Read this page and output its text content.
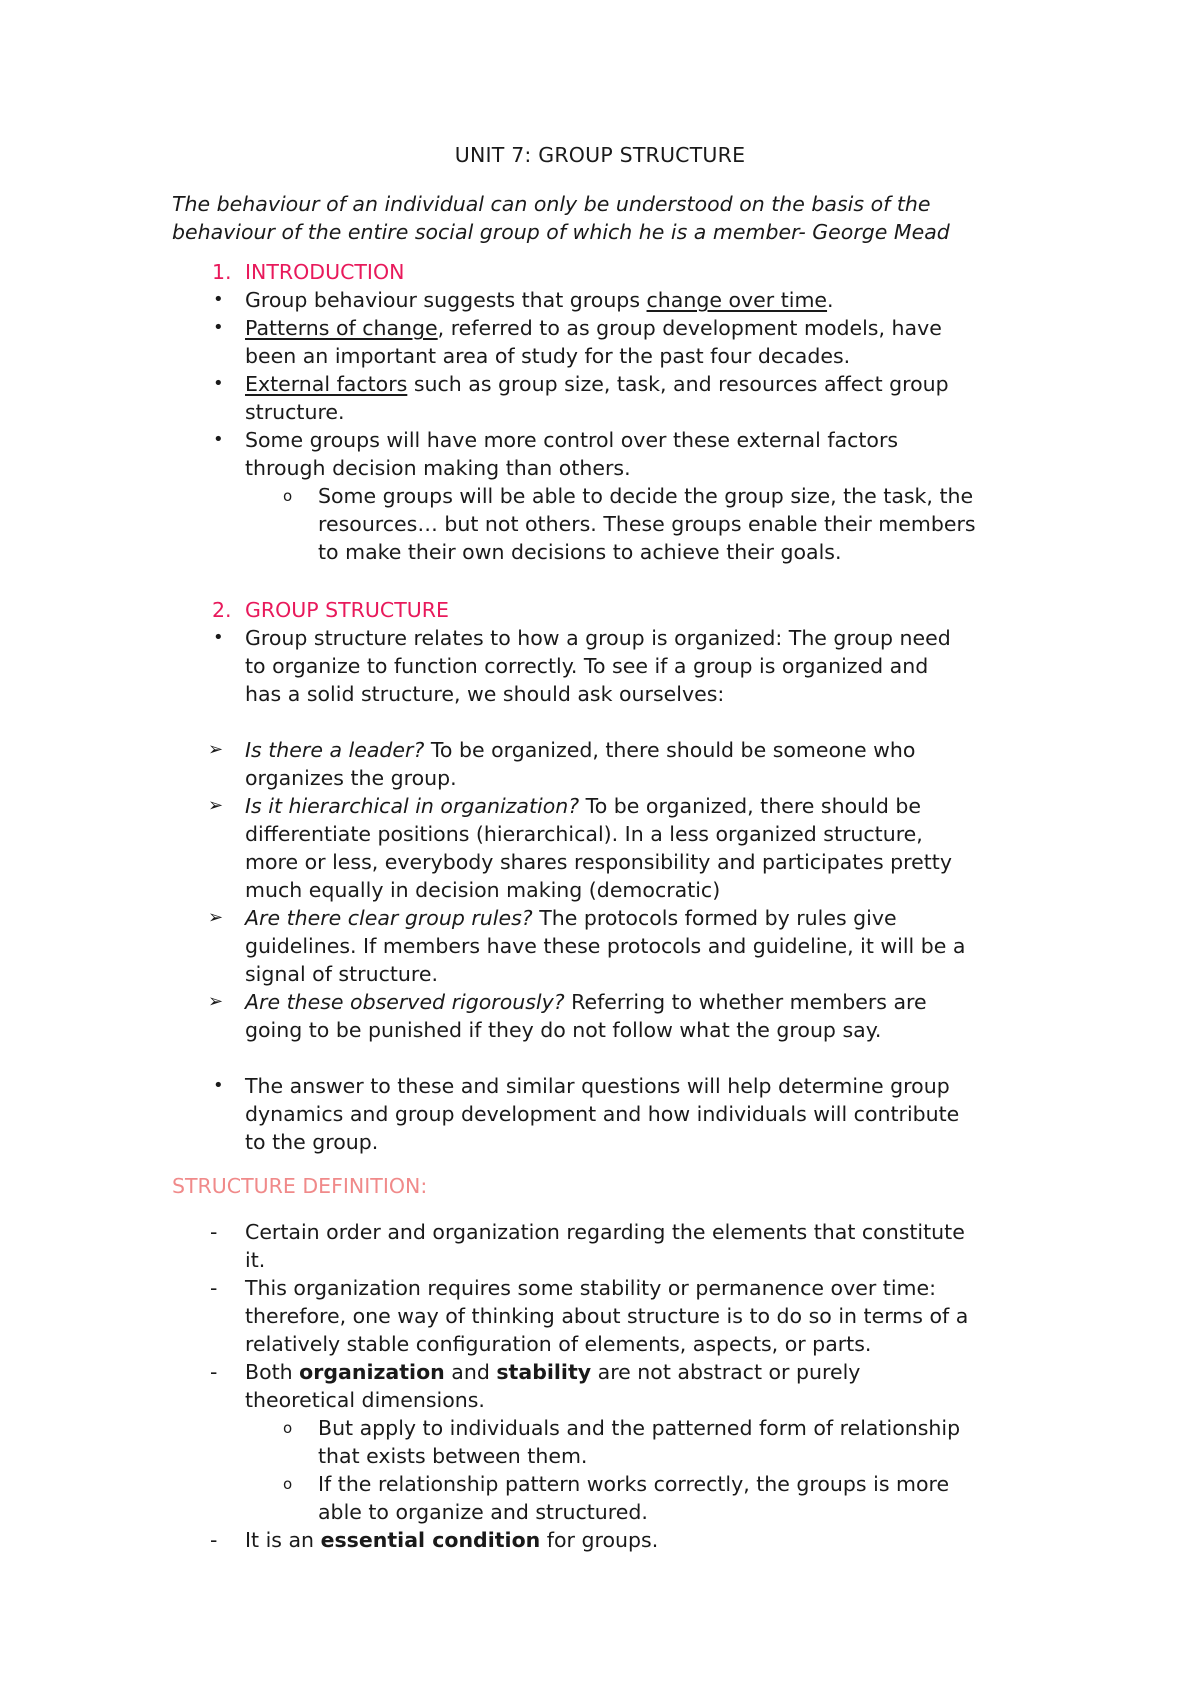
UNIT 7: GROUP STRUCTURE
The behaviour of an individual can only be understood on the basis of the
behaviour of the entire social group of which he is a member- George Mead
1. INTRODUCTION
• Group behaviour suggests that groups change over time.
• Patterns of change, referred to as group development models, have
been an important area of study for the past four decades.
• External factors such as group size, task, and resources affect group
structure.
• Some groups will have more control over these external factors
through decision making than others.
o Some groups will be able to decide the group size, the task, the
resources… but not others. These groups enable their members
to make their own decisions to achieve their goals.
2. GROUP STRUCTURE
• Group structure relates to how a group is organized: The group need
to organize to function correctly. To see if a group is organized and
has a solid structure, we should ask ourselves:
➢ Is there a leader? To be organized, there should be someone who
organizes the group.
➢ Is it hierarchical in organization? To be organized, there should be
differentiate positions (hierarchical). In a less organized structure,
more or less, everybody shares responsibility and participates pretty
much equally in decision making (democratic)
➢ Are there clear group rules? The protocols formed by rules give
guidelines. If members have these protocols and guideline, it will be a
signal of structure.
➢ Are these observed rigorously? Referring to whether members are
going to be punished if they do not follow what the group say.
• The answer to these and similar questions will help determine group
dynamics and group development and how individuals will contribute
to the group.
STRUCTURE DEFINITION:
- Certain order and organization regarding the elements that constitute
it.
- This organization requires some stability or permanence over time:
therefore, one way of thinking about structure is to do so in terms of a
relatively stable configuration of elements, aspects, or parts.
- Both organization and stability are not abstract or purely
theoretical dimensions.
o But apply to individuals and the patterned form of relationship
that exists between them.
o If the relationship pattern works correctly, the groups is more
able to organize and structured.
- It is an essential condition for groups.
